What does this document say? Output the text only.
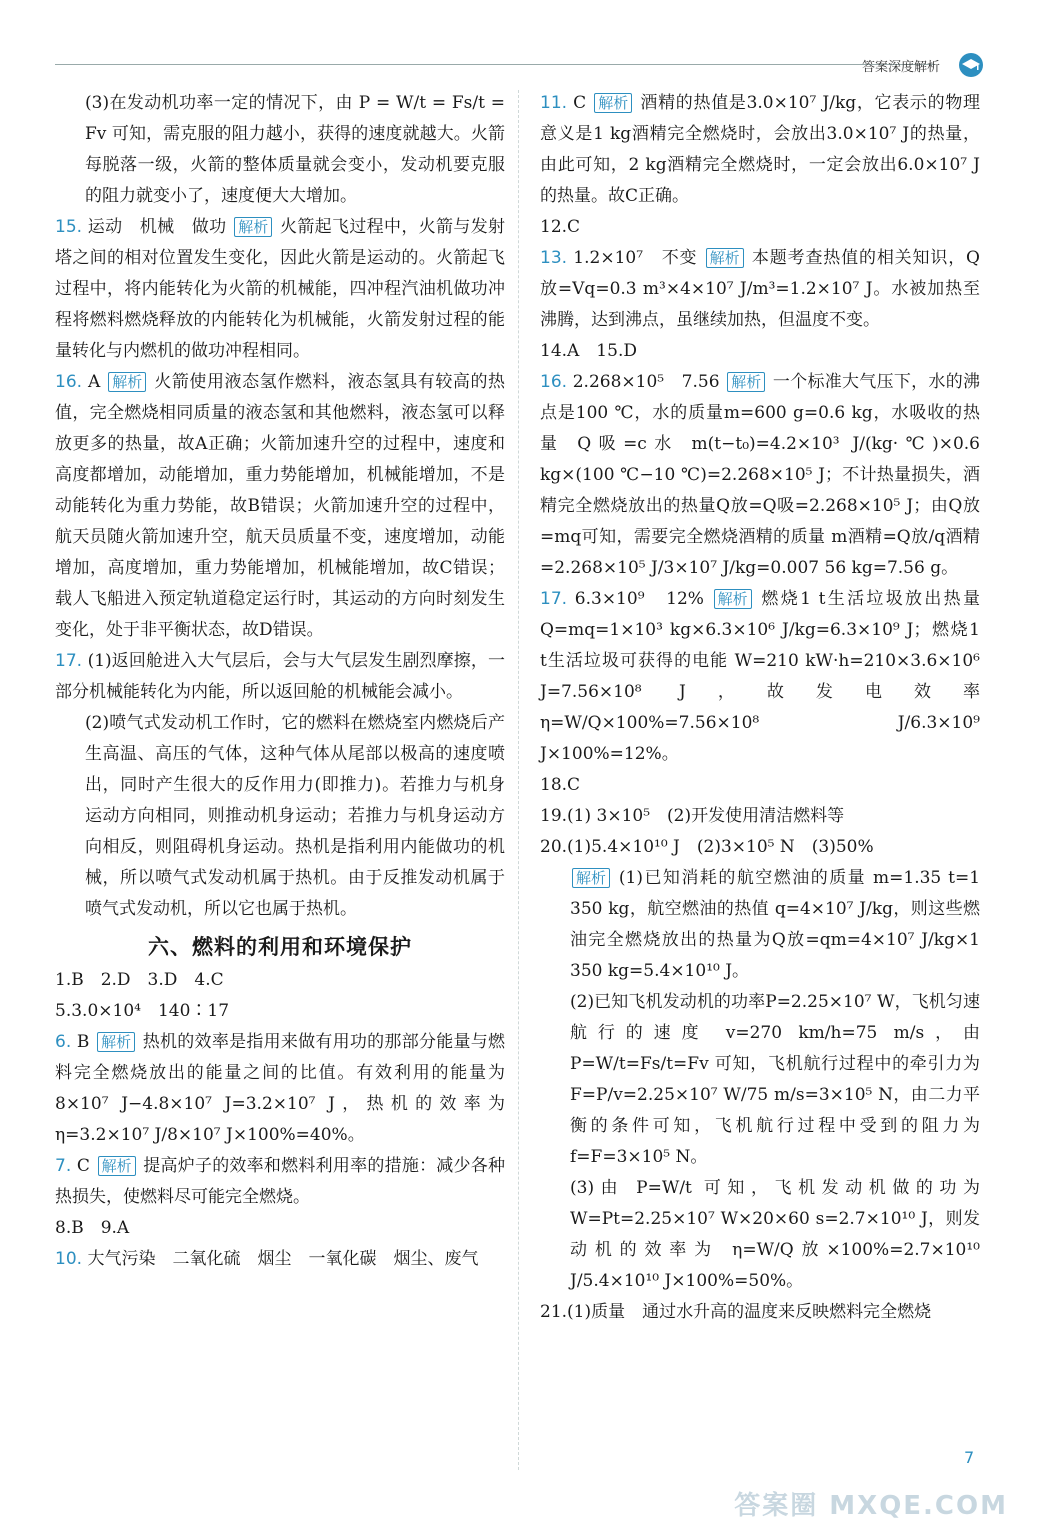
答案深度解析

(3)在发动机功率一定的情况下，由 P = W/t = Fs/t = Fv 可知，需克服的阻力越小，获得的速度就越大。火箭每脱落一级，火箭的整体质量就会变小，发动机要克服的阻力就变小了，速度便大大增加。

15. 运动　机械　做功 解析 火箭起飞过程中，火箭与发射塔之间的相对位置发生变化，因此火箭是运动的。火箭起飞过程中，将内能转化为火箭的机械能，四冲程汽油机做功冲程将燃料燃烧释放的内能转化为机械能，火箭发射过程的能量转化与内燃机的做功冲程相同。

16. A 解析 火箭使用液态氢作燃料，液态氢具有较高的热值，完全燃烧相同质量的液态氢和其他燃料，液态氢可以释放更多的热量，故A正确；火箭加速升空的过程中，速度和高度都增加，动能增加，重力势能增加，机械能增加，不是动能转化为重力势能，故B错误；火箭加速升空的过程中，航天员随火箭加速升空，航天员质量不变，速度增加，动能增加，高度增加，重力势能增加，机械能增加，故C错误；载人飞船进入预定轨道稳定运行时，其运动的方向时刻发生变化，处于非平衡状态，故D错误。

17. (1)返回舱进入大气层后，会与大气层发生剧烈摩擦，一部分机械能转化为内能，所以返回舱的机械能会减小。

(2)喷气式发动机工作时，它的燃料在燃烧室内燃烧后产生高温、高压的气体，这种气体从尾部以极高的速度喷出，同时产生很大的反作用力(即推力)。若推力与机身运动方向相同，则推动机身运动；若推力与机身运动方向相反，则阻碍机身运动。热机是指利用内能做功的机械，所以喷气式发动机属于热机。由于反推发动机属于喷气式发动机，所以它也属于热机。

六、燃料的利用和环境保护

1.B　2.D　3.D　4.C

5.3.0×10⁴　140∶17

6. B 解析 热机的效率是指用来做有用功的那部分能量与燃料完全燃烧放出的能量之间的比值。有效利用的能量为 8×10⁷ J−4.8×10⁷ J=3.2×10⁷ J，热机的效率为 η=3.2×10⁷ J/8×10⁷ J×100%=40%。

7. C 解析 提高炉子的效率和燃料利用率的措施：减少各种热损失，使燃料尽可能完全燃烧。

8.B　9.A

10. 大气污染　二氧化硫　烟尘　一氧化碳　烟尘、废气

11. C 解析 酒精的热值是3.0×10⁷ J/kg，它表示的物理意义是1 kg酒精完全燃烧时，会放出3.0×10⁷ J的热量，由此可知，2 kg酒精完全燃烧时，一定会放出6.0×10⁷ J的热量。故C正确。

12.C

13. 1.2×10⁷　不变 解析 本题考查热值的相关知识，Q放=Vq=0.3 m³×4×10⁷ J/m³=1.2×10⁷ J。水被加热至沸腾，达到沸点，虽继续加热，但温度不变。

14.A　15.D

16. 2.268×10⁵　7.56 解析 一个标准大气压下，水的沸点是100 ℃，水的质量m=600 g=0.6 kg，水吸收的热量 Q吸=c水 m(t−t₀)=4.2×10³ J/(kg·℃)×0.6 kg×(100 ℃−10 ℃)=2.268×10⁵ J；不计热量损失，酒精完全燃烧放出的热量Q放=Q吸=2.268×10⁵ J；由Q放=mq可知，需要完全燃烧酒精的质量 m酒精=Q放/q酒精=2.268×10⁵ J/3×10⁷ J/kg=0.007 56 kg=7.56 g。

17. 6.3×10⁹　12% 解析 燃烧1 t生活垃圾放出热量Q=mq=1×10³ kg×6.3×10⁶ J/kg=6.3×10⁹ J；燃烧1 t生活垃圾可获得的电能 W=210 kW·h=210×3.6×10⁶ J=7.56×10⁸ J，故发电效率 η=W/Q×100%=7.56×10⁸ J/6.3×10⁹ J×100%=12%。

18.C

19.(1) 3×10⁵　(2)开发使用清洁燃料等

20.(1)5.4×10¹⁰ J　(2)3×10⁵ N　(3)50%

解析 (1)已知消耗的航空燃油的质量 m=1.35 t=1 350 kg，航空燃油的热值 q=4×10⁷ J/kg，则这些燃油完全燃烧放出的热量为Q放=qm=4×10⁷ J/kg×1 350 kg=5.4×10¹⁰ J。

(2)已知飞机发动机的功率P=2.25×10⁷ W，飞机匀速航行的速度 v=270 km/h=75 m/s，由 P=W/t=Fs/t=Fv 可知，飞机航行过程中的牵引力为 F=P/v=2.25×10⁷ W/75 m/s=3×10⁵ N，由二力平衡的条件可知，飞机航行过程中受到的阻力为 f=F=3×10⁵ N。

(3)由 P=W/t 可知，飞机发动机做的功为 W=Pt=2.25×10⁷ W×20×60 s=2.7×10¹⁰ J，则发动机的效率为 η=W/Q放×100%=2.7×10¹⁰ J/5.4×10¹⁰ J×100%=50%。

21.(1)质量　通过水升高的温度来反映燃料完全燃烧

7
答案圈 MXQE.COM
